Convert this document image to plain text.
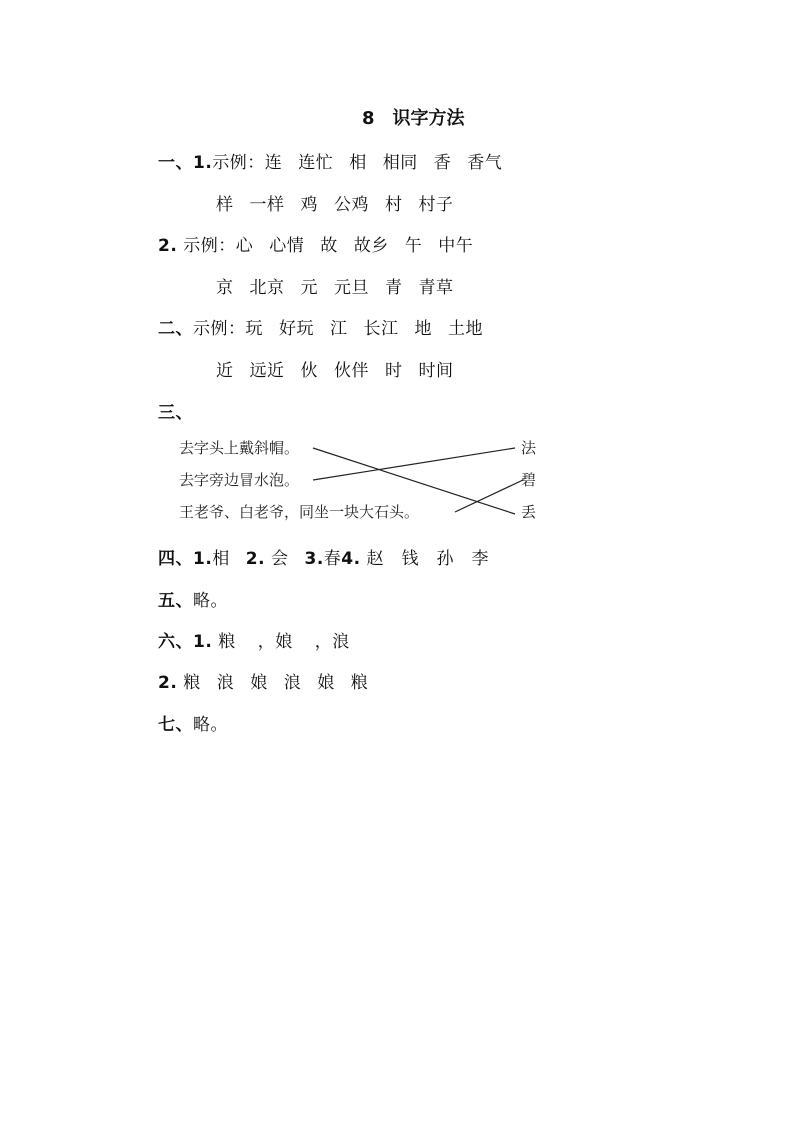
8　识字方法
一、1.示例：连 连忙 相 相同 香 香气
样 一样 鸡 公鸡 村 村子
2. 示例：心 心情 故 故乡 午 中午
京 北京 元 元旦 青 青草
二、示例：玩 好玩 江 长江 地 土地
近 远近 伙 伙伴 时 时间
三、
去字头上戴斜帽。
去字旁边冒水泡。
王老爷、白老爷，同坐一块大石头。
法
碧
丢
四、1.相 2. 会 3.春4. 赵　钱　孙　李
五、略。
六、1. 粮 ，娘 ，浪
2. 粮 浪 娘 浪 娘 粮
七、略。
